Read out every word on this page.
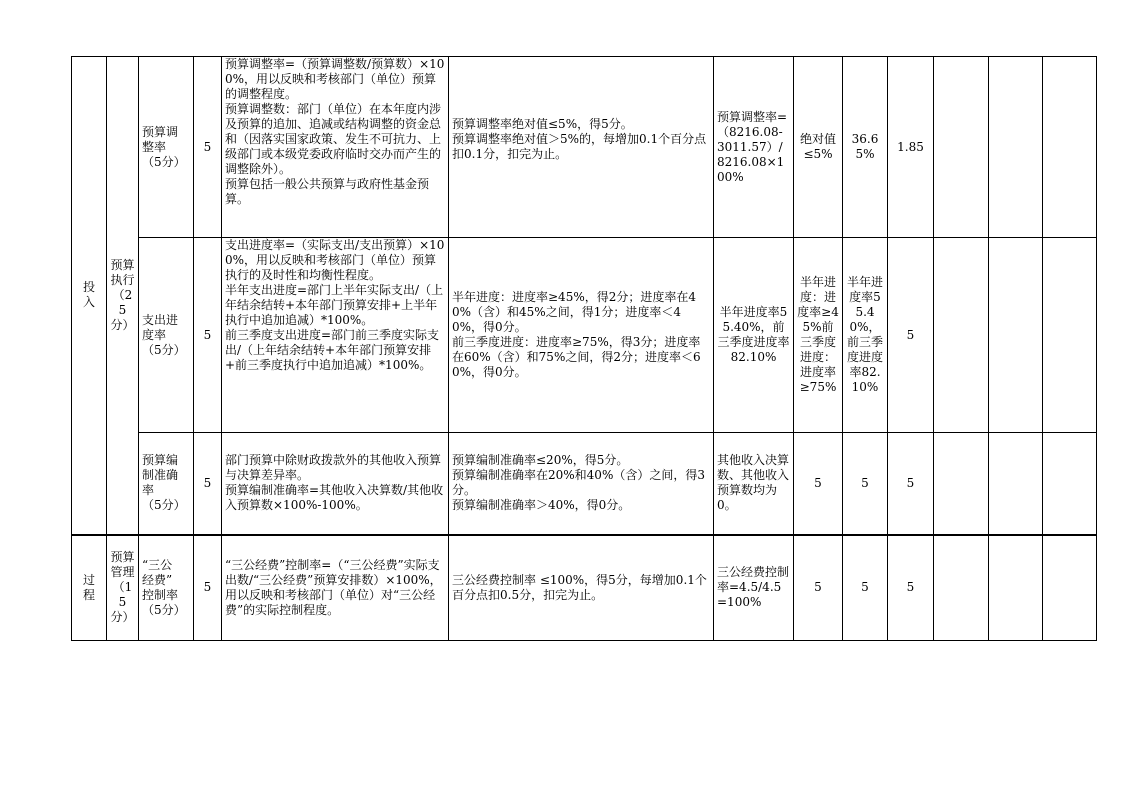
投
入	预算
执行
（25
分）	预算调
整率
（5分）	5	预算调整率=（预算调整数/预算数）×100%，用以反映和考核部门（单位）预算的调整程度。
预算调整数：部门（单位）在本年度内涉及预算的追加、追减或结构调整的资金总和（因落实国家政策、发生不可抗力、上级部门或本级党委政府临时交办而产生的调整除外）。
预算包括一般公共预算与政府性基金预算。	预算调整率绝对值≤5%，得5分。
预算调整率绝对值＞5%的，每增加0.1个百分点扣0.1分，扣完为止。	预算调整率=（8216.08-3011.57）/8216.08×100%	绝对值≤5%	36.65%	1.85			
		支出进
度率
（5分）	5	支出进度率=（实际支出/支出预算）×100%，用以反映和考核部门（单位）预算执行的及时性和均衡性程度。
半年支出进度=部门上半年实际支出/（上年结余结转+本年部门预算安排+上半年执行中追加追减）*100%。
前三季度支出进度=部门前三季度实际支出/（上年结余结转+本年部门预算安排+前三季度执行中追加追减）*100%。	半年进度：进度率≥45%，得2分；进度率在40%（含）和45%之间，得1分；进度率＜40%，得0分。
前三季度进度：进度率≥75%，得3分；进度率在60%（含）和75%之间，得2分；进度率＜60%，得0分。	半年进度率55.40%，前三季度进度率82.10%	半年进度：进度率≥45%前三季度进度：进度率≥75%	半年进度率55.40%，前三季度进度率82.10%	5			
		预算编
制准确
率
（5分）	5	部门预算中除财政拨款外的其他收入预算与决算差异率。
预算编制准确率=其他收入决算数/其他收入预算数×100%-100%。	预算编制准确率≤20%，得5分。
预算编制准确率在20%和40%（含）之间，得3分。
预算编制准确率＞40%，得0分。	其他收入决算数、其他收入预算数均为0。	5	5	5			
过
程	预算
管理
（15
分）	“三公
经费”
控制率
（5分）	5	“三公经费”控制率=（“三公经费”实际支出数/“三公经费”预算安排数）×100%，用以反映和考核部门（单位）对“三公经费”的实际控制程度。	三公经费控制率 ≤100%，得5分，每增加0.1个百分点扣0.5分，扣完为止。	三公经费控制率=4.5/4.5=100%	5	5	5			
